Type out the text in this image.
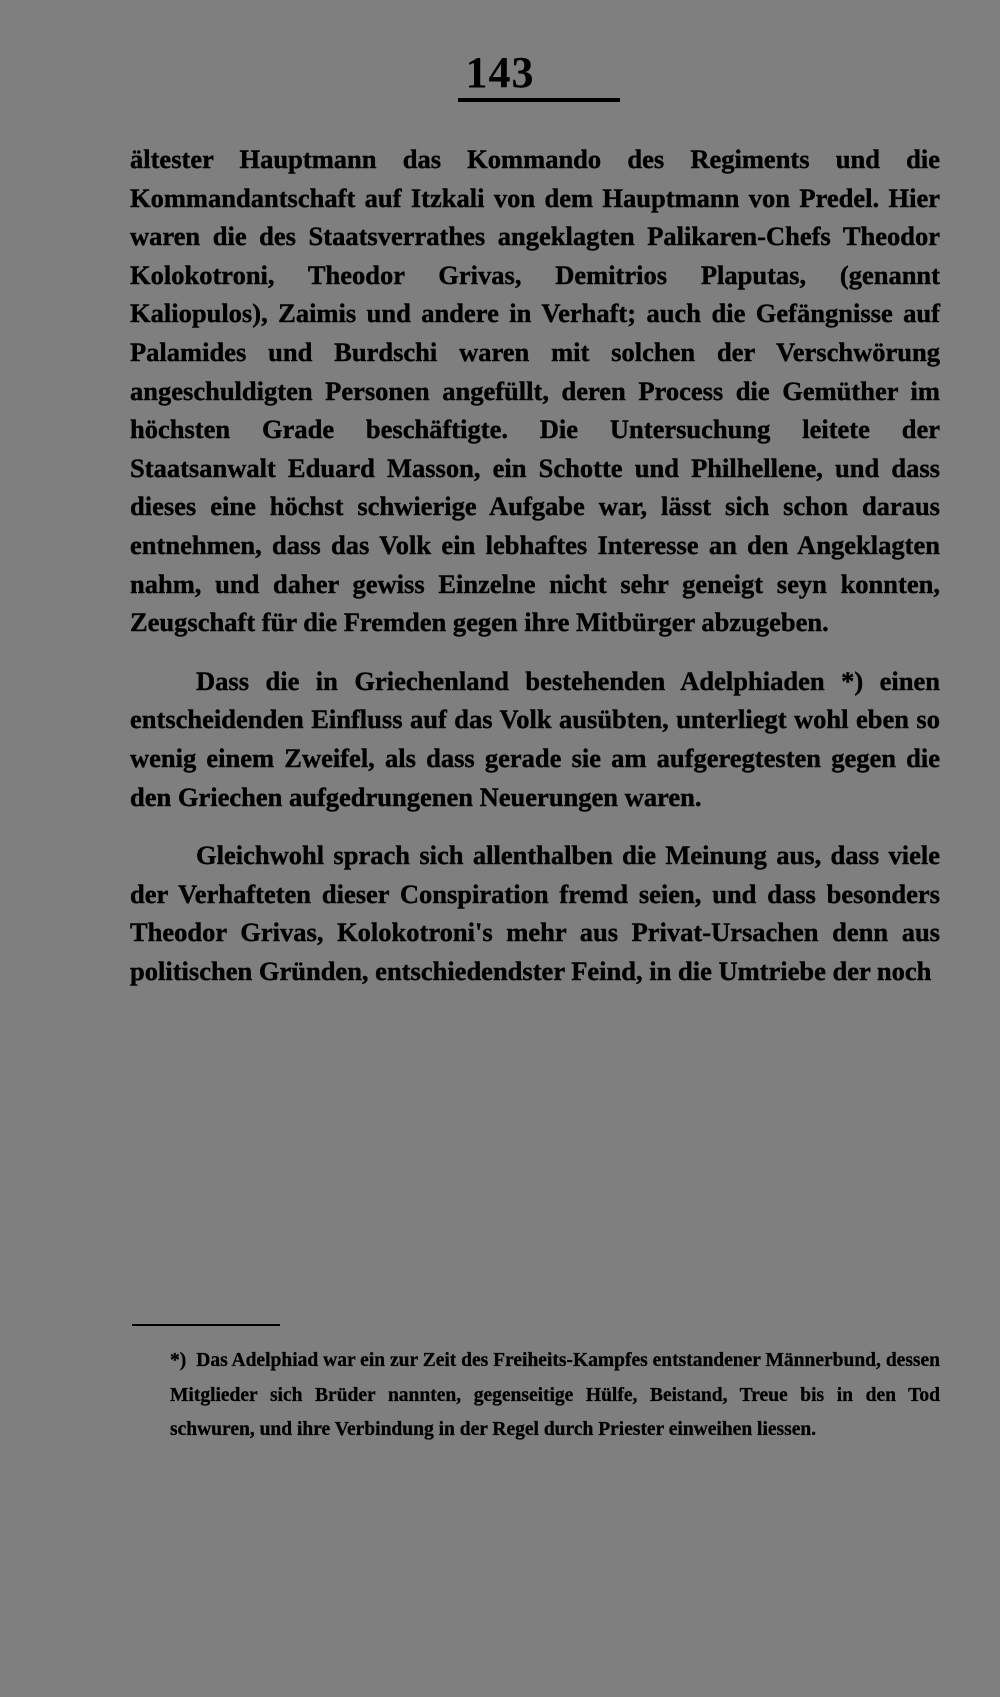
143

ältester Hauptmann das Kommando des Regiments und die Kommandantschaft auf Itzkali von dem Hauptmann von Predel. Hier waren die des Staatsverrathes angeklagten Palikaren-Chefs Theodor Kolokotroni, Theodor Grivas, Demitrios Plaputas, (genannt Kaliopulos), Zaimis und andere in Verhaft; auch die Gefängnisse auf Palamides und Burdschi waren mit solchen der Verschwörung angeschuldigten Personen angefüllt, deren Process die Gemüther im höchsten Grade beschäftigte. Die Untersuchung leitete der Staatsanwalt Eduard Masson, ein Schotte und Philhellene, und dass dieses eine höchst schwierige Aufgabe war, lässt sich schon daraus entnehmen, dass das Volk ein lebhaftes Interesse an den Angeklagten nahm, und daher gewiss Einzelne nicht sehr geneigt seyn konnten, Zeugschaft für die Fremden gegen ihre Mitbürger abzugeben.

Dass die in Griechenland bestehenden Adelphiaden *) einen entscheidenden Einfluss auf das Volk ausübten, unterliegt wohl eben so wenig einem Zweifel, als dass gerade sie am aufgeregtesten gegen die den Griechen aufgedrungenen Neuerungen waren.

Gleichwohl sprach sich allenthalben die Meinung aus, dass viele der Verhafteten dieser Conspiration fremd seien, und dass besonders Theodor Grivas, Kolokotroni's mehr aus Privat-Ursachen denn aus politischen Gründen, entschiedendster Feind, in die Umtriebe der noch

*) Das Adelphiad war ein zur Zeit des Freiheits-Kampfes entstandener Männerbund, dessen Mitglieder sich Brüder nannten, gegenseitige Hülfe, Beistand, Treue bis in den Tod schwuren, und ihre Verbindung in der Regel durch Priester einweihen liessen.
